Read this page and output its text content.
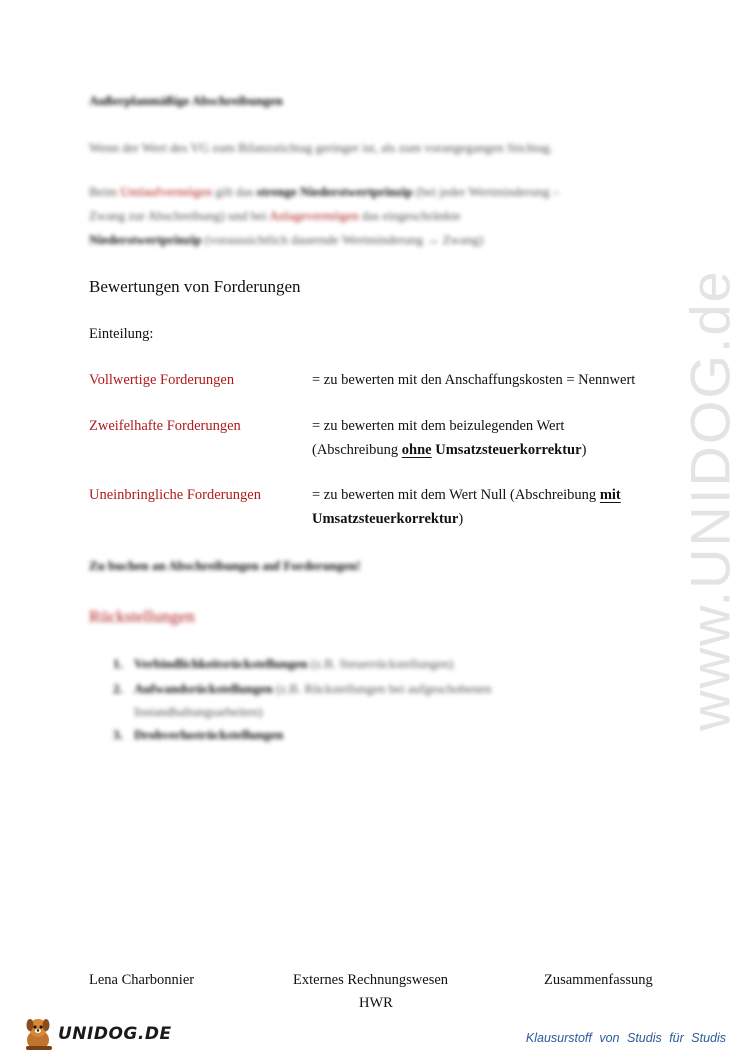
www.UNIDOG.de
Außerplanmäßige Abschreibungen
Wenn der Wert des VG zum Bilanzstichtag geringer ist, als zum vorangegangen Stichtag.
Beim Umlaufvermögen gilt das strenge Niederstwertprinzip (bei jeder Wertminderung –
Zwang zur Abschreibung) und bei Anlagevermögen das eingeschränkte
Niederstwertprinzip (voraussichtlich dauernde Wertminderung → Zwang)
Bewertungen von Forderungen
Einteilung:
Vollwertige Forderungen	= zu bewerten mit den Anschaffungskosten = Nennwert
Zweifelhafte Forderungen	= zu bewerten mit dem beizulegenden Wert
(Abschreibung ohne Umsatzsteuerkorrektur)
Uneinbringliche Forderungen	= zu bewerten mit dem Wert Null (Abschreibung mit
Umsatzsteuerkorrektur)
Zu buchen an Abschreibungen auf Forderungen!
Rückstellungen
1. Verbindlichkeitsrückstellungen (z.B. Steuerrückstellungen)
2. Aufwandsrückstellungen (z.B. Rückstellungen bei aufgeschobenen
Instandhaltungsarbeiten)
3. Drohverlustrückstellungen
Lena Charbonnier	Externes Rechnungswesen	Zusammenfassung
HWR
UNIDOG.DE	Klausurstoff von Studis für Studis
